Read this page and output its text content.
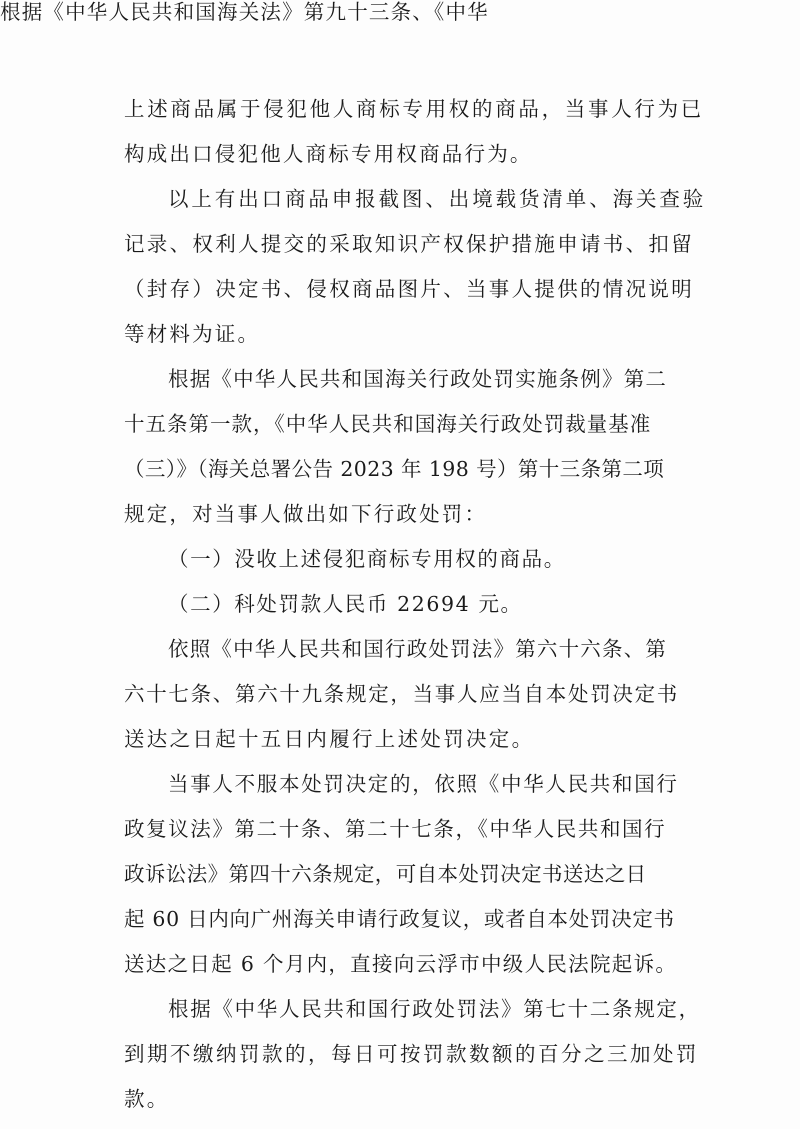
上述商品属于侵犯他人商标专用权的商品，当事人行为已
构成出口侵犯他人商标专用权商品行为。
以上有出口商品申报截图、出境载货清单、海关查验
记录、权利人提交的采取知识产权保护措施申请书、扣留
（封存）决定书、侵权商品图片、当事人提供的情况说明
等材料为证。
根据《中华人民共和国海关行政处罚实施条例》第二
十五条第一款，《中华人民共和国海关行政处罚裁量基准
（三）》（海关总署公告 2023 年 198 号）第十三条第二项
规定，对当事人做出如下行政处罚：
（一）没收上述侵犯商标专用权的商品。
（二）科处罚款人民币 22694 元。
依照《中华人民共和国行政处罚法》第六十六条、第
六十七条、第六十九条规定，当事人应当自本处罚决定书
送达之日起十五日内履行上述处罚决定。
当事人不服本处罚决定的，依照《中华人民共和国行
政复议法》第二十条、第二十七条，《中华人民共和国行
政诉讼法》第四十六条规定，可自本处罚决定书送达之日
起 60 日内向广州海关申请行政复议，或者自本处罚决定书
送达之日起 6 个月内，直接向云浮市中级人民法院起诉。
根据《中华人民共和国行政处罚法》第七十二条规定，
到期不缴纳罚款的，每日可按罚款数额的百分之三加处罚
款。
根据《中华人民共和国海关法》第九十三条、《中华
